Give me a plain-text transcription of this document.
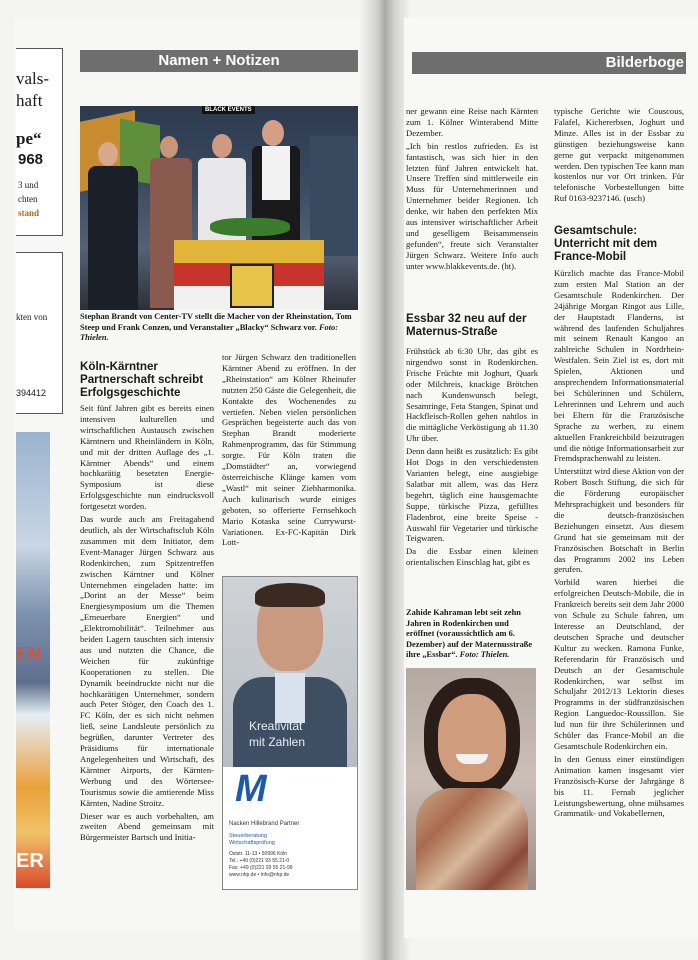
vals-
haft
pe“
968
3 und
chten
stand
kten von
394412
EN
ER
Namen + Notizen
BLACK EVENTS
Stephan Brandt von Center-TV stellt die Macher von der Rheinstation, Tom Steep und Frank Conzen, und Veranstalter „Blacky“ Schwarz vor. Foto: Thielen.
Köln-Kärntner Partnerschaft schreibt Erfolgsgeschichte

Seit fünf Jahren gibt es bereits einen intensiven kulturellen und wirtschaftlichen Austausch zwischen Kärntnern und Rheinländern in Köln, und mit der dritten Auflage des „1. Kärntner Abends“ und einem hochkarätig besetzten Energie-Symposium ist diese Erfolgsgeschichte nun eindrucksvoll fortgesetzt worden.

Das wurde auch am Freitagabend deutlich, als der Wirtschaftsclub Köln zusammen mit dem Initiator, dem Event-Manager Jürgen Schwarz aus Rodenkirchen, zum Spitzentreffen zwischen Kärntner und Kölner Unternehmen eingeladen hatte: im „Dorint an der Messe“ beim Energiesymposium um die Themen „Erneuerbare Energien“ und „Elektromobilität“. Teilnehmer aus beiden Lagern tauschten sich intensiv aus und nutzten die Chance, die Weichen für zukünftige Kooperationen zu stellen. Die Dynamik beeindruckte nicht nur die hochkarätigen Unternehmer, sondern auch Peter Stöger, den Coach des 1. FC Köln, der es sich nicht nehmen ließ, seine Landsleute persönlich zu begrüßen, darunter Vertreter des Präsidiums für internationale Angelegenheiten und Wirtschaft, des Kärntner Airports, der Kärnten-Werbung und des Wörtersee-Tourismus sowie die amtierende Miss Kärnten, Nadine Stroitz.

Dieser war es auch vorbehalten, am zweiten Abend gemeinsam mit Bürgermeister Bartsch und Initia-

tor Jürgen Schwarz den traditionellen Kärntner Abend zu eröffnen. In der „Rheinstation“ am Kölner Rheinufer nutzten 250 Gäste die Gelegenheit, die Kontakte des Wochenendes zu vertiefen. Neben vielen persönlichen Gesprächen begeisterte auch das von Stephan Brandt moderierte Rahmenprogramm, das für Stimmung sorgte. Für Köln traten die „Domstädter“ an, vorwiegend österreichische Klänge kamen vom „Wastl“ mit seiner Ziehharmonika. Auch kulinarisch wurde einiges geboten, so offerierte Fernsehkoch Mario Kotaska seine Currywurst-Variationen. Ex-FC-Kapitän Dirk Lott-

Kreativität
mit Zahlen
M
Nacken Hillebrand Partner
Steuerberatung
Wirtschaftsprüfung
Oststr. 11-13 • 50996 Köln
Tel.: +49 (0)221 93 55 21-0
Fax: +49 (0)221 93 55 21-99
www.nhp.de • info@nhp.de
Bilderboge

ner gewann eine Reise nach Kärnten zum 1. Kölner Winterabend Mitte Dezember.

„Ich bin restlos zufrieden. Es ist fantastisch, was sich hier in den letzten fünf Jahren entwickelt hat. Unsere Treffen sind mittlerweile ein Muss für Unternehmerinnen und Unternehmer beider Regionen. Ich denke, wir haben den perfekten Mix aus intensiver wirtschaftlicher Arbeit und geselligem Beisammensein gefunden“, freute sich Veranstalter Jürgen Schwarz. Weitere Info auch unter www.blakkevents.de. (ht).

Essbar 32 neu auf der Maternus-Straße

Frühstück ab 6:30 Uhr, das gibt es nirgendwo sonst in Rodenkirchen. Frische Früchte mit Joghurt, Quark oder Milchreis, knackige Brötchen nach Kundenwunsch belegt, Sesamringe, Feta Stangen, Spinat und Hackfleisch-Rollen gehen nahtlos in die mittägliche Verköstigung ab 11.30 Uhr über.

Denn dann heißt es zusätzlich: Es gibt Hot Dogs in den verschiedensten Varianten belegt, eine ausgiebige Salatbar mit allem, was das Herz begehrt, täglich eine hausgemachte Suppe, türkische Pizza, gefülltes Fladenbrot, eine breite Speise -Auswahl für Vegetarier und türkische Teigwaren.

Da die Essbar einen kleinen orientalischen Einschlag hat, gibt es

Zahide Kahraman lebt seit zehn Jahren in Rodenkirchen und eröffnet (voraussichtlich am 6. Dezember) auf der Maternusstraße ihre „Essbar“. Foto: Thielen.

typische Gerichte wie Couscous, Falafel, Kichererbsen, Joghurt und Minze. Alles ist in der Essbar zu günstigen beziehungsweise kann gerne gut verpackt mitgenommen werden. Den typischen Tee kann man kostenlos nur vor Ort trinken. Für telefonische Vorbestellungen bitte Ruf 0163-9237146. (usch)

Gesamtschule: Unterricht mit dem France-Mobil

Kürzlich machte das France-Mobil zum ersten Mal Station an der Gesamtschule Rodenkirchen. Der 24jährige Morgan Ringot aus Lille, der Hauptstadt Flanderns, ist während des laufenden Schuljahres mit seinem Renault Kangoo an zahlreiche Schulen in Nordrhein-Westfalen. Sein Ziel ist es, dort mit Spielen, Aktionen und ansprechendem Informationsmaterial bei Schülerinnen und Schülern, Lehrerinnen und Lehrern und auch bei Eltern für die Französische Sprache zu werben, zu einem aktuellen Frankreichbild beizutragen und die nötige Informationsarbeit zur Fremdsprachenwahl zu leisten.

Unterstützt wird diese Aktion von der Robert Bosch Stiftung, die sich für die Förderung europäischer Mehrsprachigkeit und besonders für die deutsch-französischen Beziehungen einsetzt. Aus diesem Grund hat sie gemeinsam mit der Französischen Botschaft in Berlin das Programm 2002 ins Leben gerufen.

Vorbild waren hierbei die erfolgreichen Deutsch-Mobile, die in Frankreich bereits seit dem Jahr 2000 von Schule zu Schule fahren, um Interesse an Deutschland, der deutschen Sprache und deutscher Kultur zu wecken. Ramona Funke, Referendarin für Französisch und Deutsch an der Gesamtschule Rodenkirchen, war selbst im Schuljahr 2012/13 Lektorin dieses Programms in der südfranzösischen Region Languedoc-Roussillon. Sie lud nun für ihre Schülerinnen und Schüler das France-Mobil an die Gesamtschule Rodenkirchen ein.

In den Genuss einer einstündigen Animation kamen insgesamt vier Französisch-Kurse der Jahrgänge 8 bis 11. Fernab jeglicher Leistungsbewertung, ohne mühsames Grammatik- und Vokabellernen,
